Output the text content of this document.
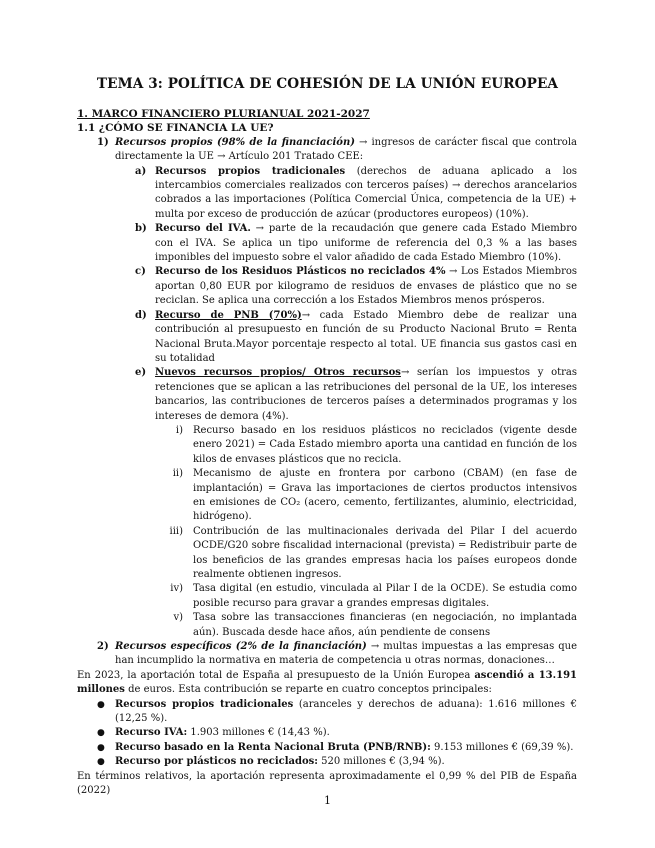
TEMA 3: POLÍTICA DE COHESIÓN DE LA UNIÓN EUROPEA

1. MARCO FINANCIERO PLURIANUAL 2021-2027

1.1 ¿CÓMO SE FINANCIA LA UE?

1) Recursos propios (98% de la financiación) → ingresos de carácter fiscal que controla directamente la UE → Artículo 201 Tratado CEE:

a) Recursos propios tradicionales (derechos de aduana aplicado a los intercambios comerciales realizados con terceros países) → derechos arancelarios cobrados a las importaciones (Política Comercial Única, competencia de la UE) + multa por exceso de producción de azúcar (productores europeos) (10%).

b) Recurso del IVA. → parte de la recaudación que genere cada Estado Miembro con el IVA. Se aplica un tipo uniforme de referencia del 0,3 % a las bases imponibles del impuesto sobre el valor añadido de cada Estado Miembro (10%).

c) Recurso de los Residuos Plásticos no reciclados 4% → Los Estados Miembros aportan 0,80 EUR por kilogramo de residuos de envases de plástico que no se reciclan. Se aplica una corrección a los Estados Miembros menos prósperos.

d) Recurso de PNB (70%)→ cada Estado Miembro debe de realizar una contribución al presupuesto en función de su Producto Nacional Bruto = Renta Nacional Bruta.Mayor porcentaje respecto al total. UE financia sus gastos casi en su totalidad

e) Nuevos recursos propios/ Otros recursos→ serían los impuestos y otras retenciones que se aplican a las retribuciones del personal de la UE, los intereses bancarios, las contribuciones de terceros países a determinados programas y los intereses de demora (4%).

i) Recurso basado en los residuos plásticos no reciclados (vigente desde enero 2021) = Cada Estado miembro aporta una cantidad en función de los kilos de envases plásticos que no recicla.

ii) Mecanismo de ajuste en frontera por carbono (CBAM) (en fase de implantación) = Grava las importaciones de ciertos productos intensivos en emisiones de CO₂ (acero, cemento, fertilizantes, aluminio, electricidad, hidrógeno).

iii) Contribución de las multinacionales derivada del Pilar I del acuerdo OCDE/G20 sobre fiscalidad internacional (prevista) = Redistribuir parte de los beneficios de las grandes empresas hacia los países europeos donde realmente obtienen ingresos.

iv) Tasa digital (en estudio, vinculada al Pilar I de la OCDE). Se estudia como posible recurso para gravar a grandes empresas digitales.

v) Tasa sobre las transacciones financieras (en negociación, no implantada aún). Buscada desde hace años, aún pendiente de consens

2) Recursos específicos (2% de la financiación) → multas impuestas a las empresas que han incumplido la normativa en materia de competencia u otras normas, donaciones…

En 2023, la aportación total de España al presupuesto de la Unión Europea ascendió a 13.191 millones de euros. Esta contribución se reparte en cuatro conceptos principales:

● Recursos propios tradicionales (aranceles y derechos de aduana): 1.616 millones € (12,25 %).

● Recurso IVA: 1.903 millones € (14,43 %).

● Recurso basado en la Renta Nacional Bruta (PNB/RNB): 9.153 millones € (69,39 %).

● Recurso por plásticos no reciclados: 520 millones € (3,94 %).

En términos relativos, la aportación representa aproximadamente el 0,99 % del PIB de España (2022)

1
